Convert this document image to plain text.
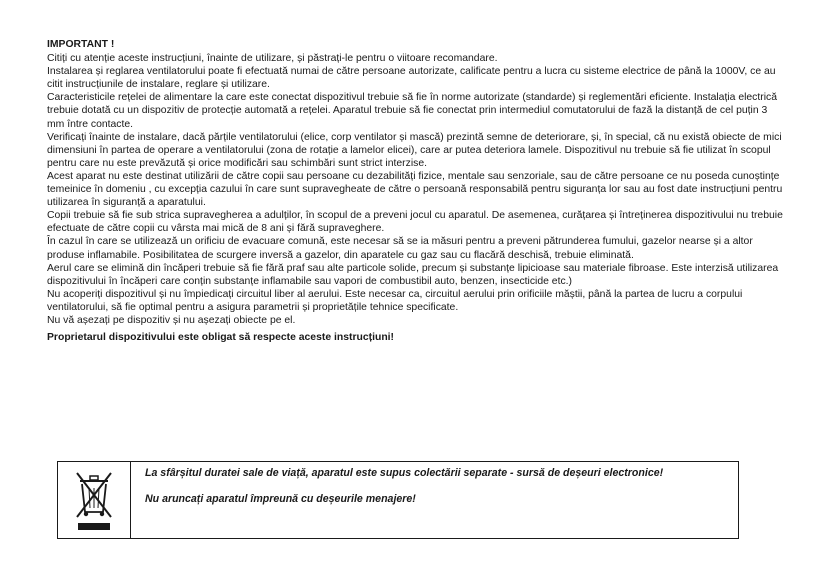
IMPORTANT !

Citiți cu atenție aceste instrucțiuni, înainte de utilizare, și păstrați-le pentru o viitoare recomandare.

Instalarea și reglarea ventilatorului poate fi efectuată numai de către persoane autorizate, calificate pentru a lucra cu sisteme electrice de până la 1000V, ce au citit instrucțiunile de instalare, reglare și utilizare.

Caracteristicile rețelei de alimentare la care este conectat dispozitivul trebuie să fie în norme autorizate (standarde) și reglementări eficiente. Instalația electrică trebuie dotată cu un dispozitiv de protecție automată a rețelei. Aparatul trebuie să fie conectat prin intermediul comutatorului de fază la distanță de cel puțin 3 mm între contacte.

Verificați înainte de instalare, dacă părțile ventilatorului (elice, corp ventilator și mască) prezintă semne de deteriorare, și, în special, că nu există obiecte de mici dimensiuni în partea de operare a ventilatorului (zona de rotație a lamelor elicei), care ar putea deteriora lamele. Dispozitivul nu trebuie să fie utilizat în scopul pentru care nu este prevăzută și orice modificări sau schimbări sunt strict interzise.

Acest aparat nu este destinat utilizării de către copii sau persoane cu dezabilități fizice, mentale sau senzoriale, sau de către persoane ce nu poseda cunoștințe temeinice în domeniu , cu excepția cazului în care sunt supravegheate de către o persoană responsabilă pentru siguranța lor sau au fost date instrucțiuni pentru utilizarea în siguranță a aparatului.

Copii trebuie să fie sub strica supravegherea a adulților, în scopul de a preveni jocul cu aparatul. De asemenea, curățarea și întreținerea dispozitivului nu trebuie efectuate de către copii cu vârsta mai mică de 8 ani și fără supraveghere.

În cazul în care se utilizează un orificiu de evacuare comună, este necesar să se ia măsuri pentru a preveni pătrunderea fumului, gazelor nearse și a altor produse inflamabile. Posibilitatea de scurgere inversă a gazelor, din aparatele cu gaz sau cu flacără deschisă, trebuie eliminată.

Aerul care se elimină din încăperi trebuie să fie fără praf sau alte particole solide, precum și substanțe lipicioase sau materiale fibroase. Este interzisă utilizarea dispozitivului în încăperi care conțin substanțe inflamabile sau vapori de combustibil auto, benzen, insecticide etc.)

Nu acoperiți dispozitivul și nu împiedicați circuitul liber al aerului. Este necesar ca, circuitul aerului prin orificiile măștii, până la partea de lucru a corpului ventilatorului, să fie optimal pentru a asigura parametrii și proprietățile tehnice specificate.

Nu vă așezați pe dispozitiv și nu așezați obiecte pe el.

Proprietarul dispozitivului este obligat să respecte aceste instrucțiuni!

La sfârșitul duratei sale de viață, aparatul este supus colectării separate - sursă de deșeuri electronice!

Nu aruncați aparatul împreună cu deșeurile menajere!
